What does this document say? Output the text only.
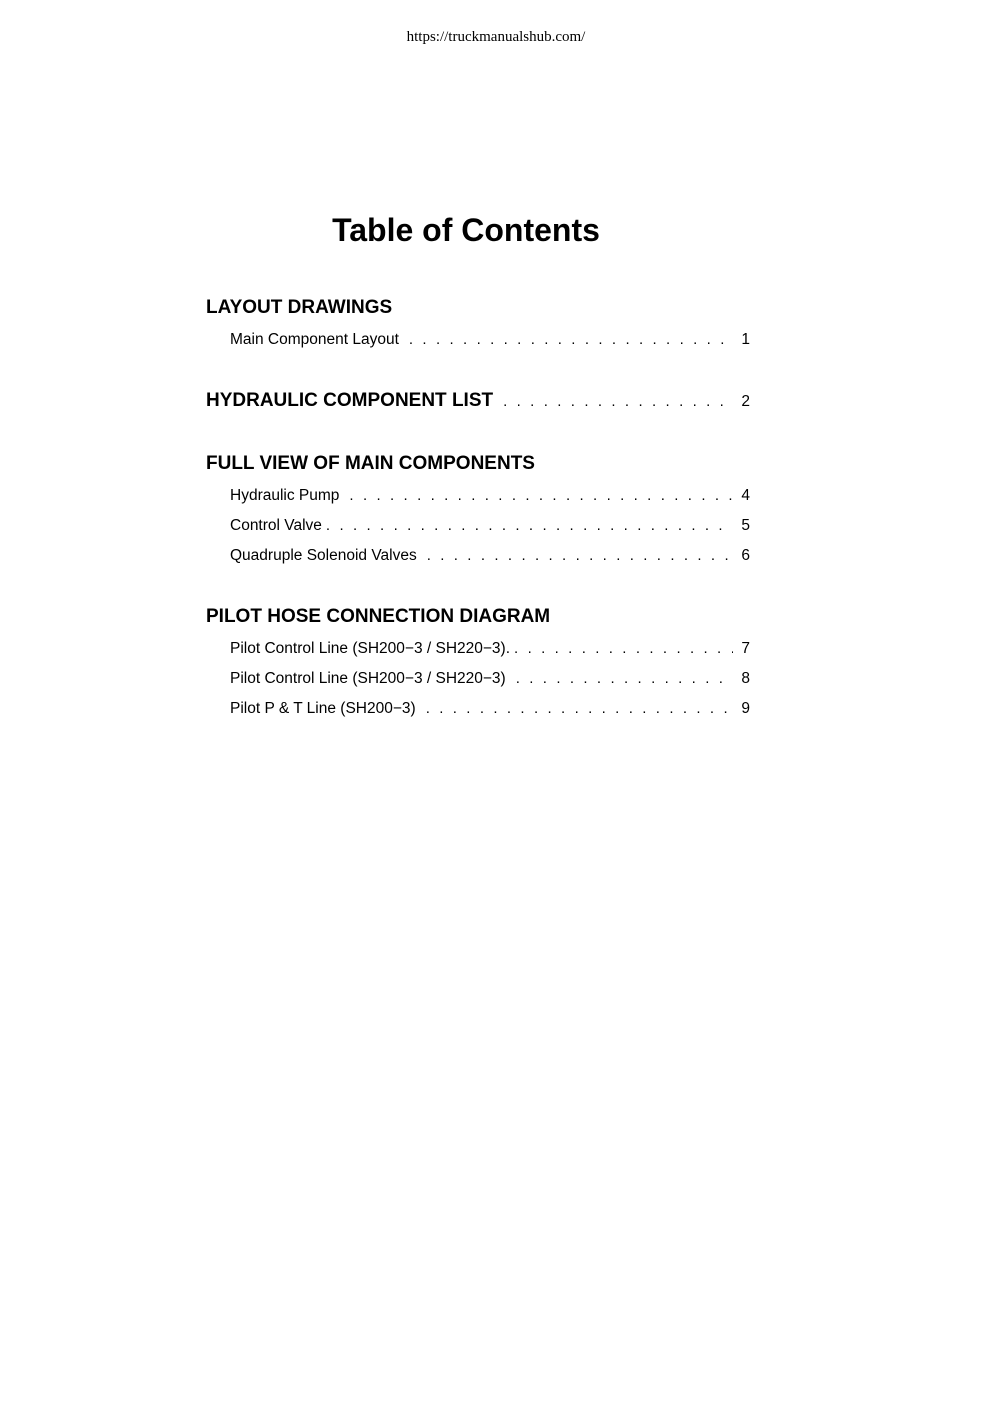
https://truckmanualshub.com/
Table of Contents
LAYOUT DRAWINGS
Main Component Layout . . .	1
HYDRAULIC COMPONENT LIST . . .	2
FULL VIEW OF MAIN COMPONENTS
Hydraulic Pump . . .	4
Control Valve . . .	5
Quadruple Solenoid Valves . . .	6
PILOT HOSE CONNECTION DIAGRAM
Pilot Control Line (SH200−3 / SH220−3). . . .	7
Pilot Control Line (SH200−3 / SH220−3) . . .	8
Pilot P & T Line (SH200−3) . . .	9
